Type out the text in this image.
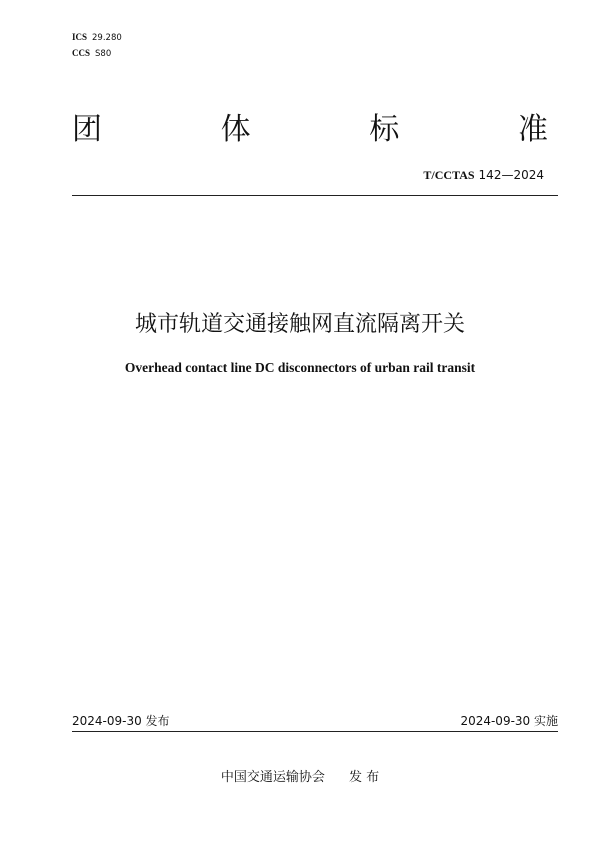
ICS 29.280
CCS S80
团	体	标	准
T/CCTAS 142—2024
城市轨道交通接触网直流隔离开关
Overhead contact line DC disconnectors of urban rail transit
2024-09-30 发布	2024-09-30 实施
中国交通运输协会 发 布
